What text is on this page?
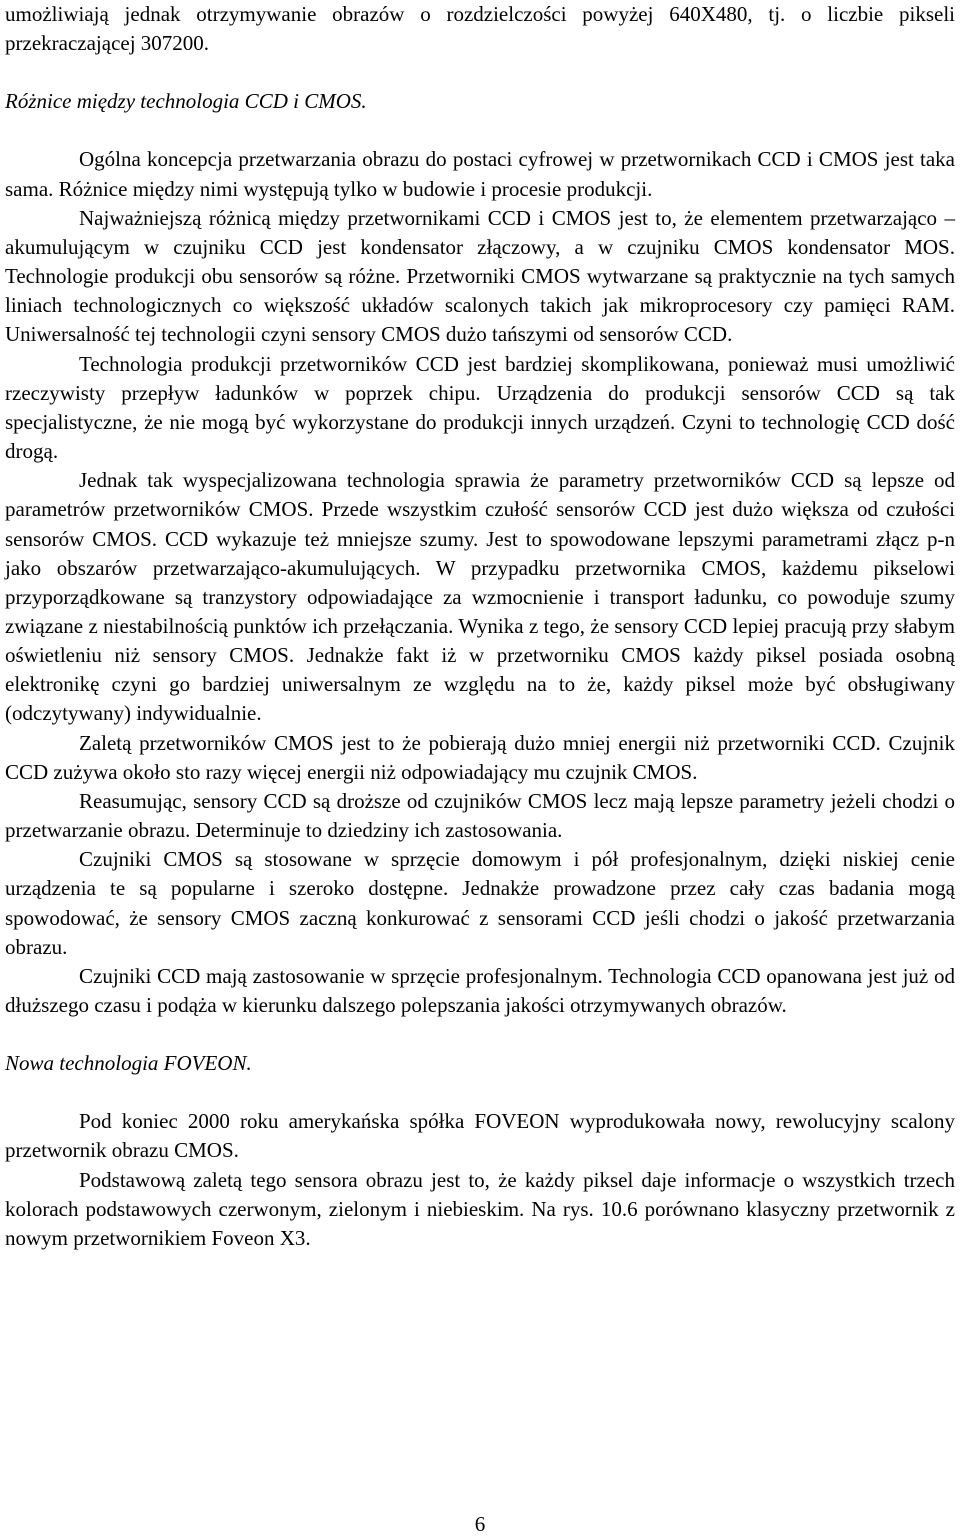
umożliwiają jednak otrzymywanie obrazów o rozdzielczości powyżej 640X480, tj. o liczbie pikseli przekraczającej 307200.

Różnice między technologia CCD i CMOS.

Ogólna koncepcja przetwarzania obrazu do postaci cyfrowej w przetwornikach CCD i CMOS jest taka sama. Różnice między nimi występują tylko w budowie i procesie produkcji.

Najważniejszą różnicą między przetwornikami CCD i CMOS jest to, że elementem przetwarzająco – akumulującym w czujniku CCD jest kondensator złączowy, a w czujniku CMOS kondensator MOS. Technologie produkcji obu sensorów są różne. Przetworniki CMOS wytwarzane są praktycznie na tych samych liniach technologicznych co większość układów scalonych takich jak mikroprocesory czy pamięci RAM. Uniwersalność tej technologii czyni sensory CMOS dużo tańszymi od sensorów CCD.

Technologia produkcji przetworników CCD jest bardziej skomplikowana, ponieważ musi umożliwić rzeczywisty przepływ ładunków w poprzek chipu. Urządzenia do produkcji sensorów CCD są tak specjalistyczne, że nie mogą być wykorzystane do produkcji innych urządzeń. Czyni to technologię CCD dość drogą.

Jednak tak wyspecjalizowana technologia sprawia że parametry przetworników CCD są lepsze od parametrów przetworników CMOS. Przede wszystkim czułość sensorów CCD jest dużo większa od czułości sensorów CMOS. CCD wykazuje też mniejsze szumy. Jest to spowodowane lepszymi parametrami złącz p-n jako obszarów przetwarzająco-akumulujących. W przypadku przetwornika CMOS, każdemu pikselowi przyporządkowane są tranzystory odpowiadające za wzmocnienie i transport ładunku, co powoduje szumy związane z niestabilnością punktów ich przełączania. Wynika z tego, że sensory CCD lepiej pracują przy słabym oświetleniu niż sensory CMOS. Jednakże fakt iż w przetworniku CMOS każdy piksel posiada osobną elektronikę czyni go bardziej uniwersalnym ze względu na to że, każdy piksel może być obsługiwany (odczytywany) indywidualnie.

Zaletą przetworników CMOS jest to że pobierają dużo mniej energii niż przetworniki CCD. Czujnik CCD zużywa około sto razy więcej energii niż odpowiadający mu czujnik CMOS.

Reasumując, sensory CCD są droższe od czujników CMOS lecz mają lepsze parametry jeżeli chodzi o przetwarzanie obrazu. Determinuje to dziedziny ich zastosowania.

Czujniki CMOS są stosowane w sprzęcie domowym i pół profesjonalnym, dzięki niskiej cenie urządzenia te są popularne i szeroko dostępne. Jednakże prowadzone przez cały czas badania mogą spowodować, że sensory CMOS zaczną konkurować z sensorami CCD jeśli chodzi o jakość przetwarzania obrazu.

Czujniki CCD mają zastosowanie w sprzęcie profesjonalnym. Technologia CCD opanowana jest już od dłuższego czasu i podąża w kierunku dalszego polepszania jakości otrzymywanych obrazów.

Nowa technologia FOVEON.

Pod koniec 2000 roku amerykańska spółka FOVEON wyprodukowała nowy, rewolucyjny scalony przetwornik obrazu CMOS.

Podstawową zaletą tego sensora obrazu jest to, że każdy piksel daje informacje o wszystkich trzech kolorach podstawowych czerwonym, zielonym i niebieskim. Na rys. 10.6 porównano klasyczny przetwornik z nowym przetwornikiem Foveon X3.

6
